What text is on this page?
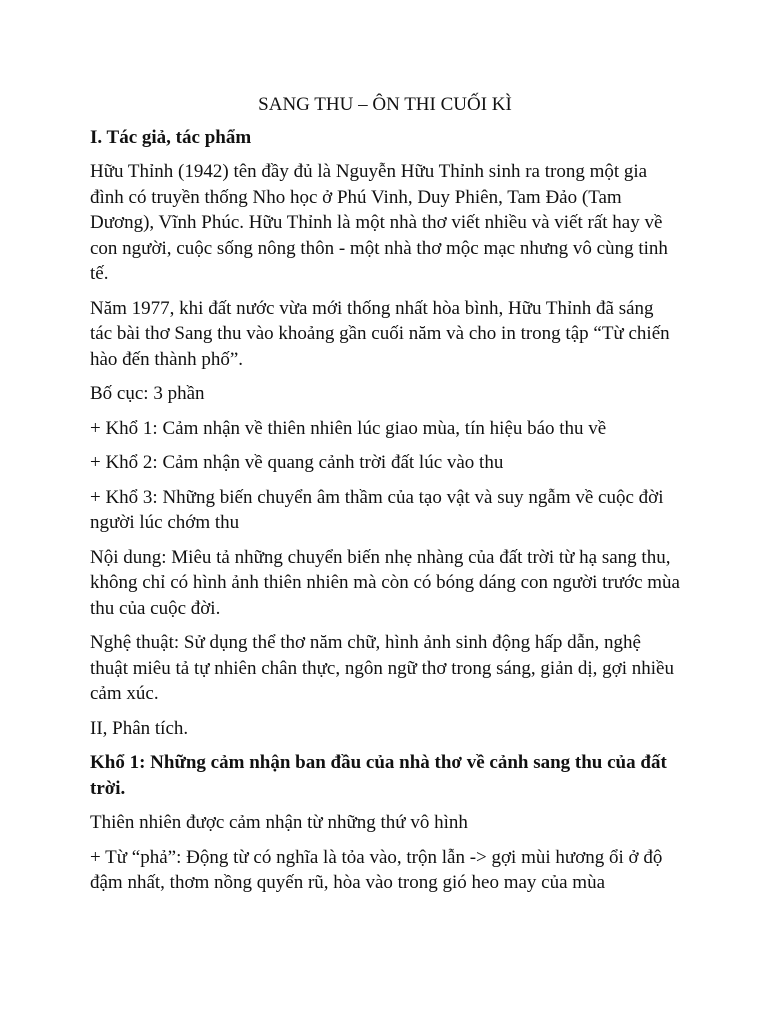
SANG THU – ÔN THI CUỐI KÌ
I. Tác giả, tác phẩm
Hữu Thỉnh (1942) tên đầy đủ là Nguyễn Hữu Thỉnh sinh ra trong một gia đình có truyền thống Nho học ở Phú Vinh, Duy Phiên, Tam Đảo (Tam Dương), Vĩnh Phúc. Hữu Thỉnh là một nhà thơ viết nhiều và viết rất hay về con người, cuộc sống nông thôn - một nhà thơ mộc mạc nhưng vô cùng tinh tế.
Năm 1977, khi đất nước vừa mới thống nhất hòa bình, Hữu Thỉnh đã sáng tác bài thơ Sang thu vào khoảng gần cuối năm và cho in trong tập “Từ chiến hào đến thành phố”.
Bố cục: 3 phần
+ Khổ 1: Cảm nhận về thiên nhiên lúc giao mùa, tín hiệu báo thu về
+ Khổ 2: Cảm nhận về quang cảnh trời đất lúc vào thu
+ Khổ 3: Những biến chuyển âm thầm của tạo vật và suy ngẫm về cuộc đời người lúc chớm thu
Nội dung: Miêu tả những chuyển biến nhẹ nhàng của đất trời từ hạ sang thu, không chỉ có hình ảnh thiên nhiên mà còn có bóng dáng con người trước mùa thu của cuộc đời.
Nghệ thuật: Sử dụng thể thơ năm chữ, hình ảnh sinh động hấp dẫn, nghệ thuật miêu tả tự nhiên chân thực, ngôn ngữ thơ trong sáng, giản dị, gợi nhiều cảm xúc.
II, Phân tích.
Khổ 1: Những cảm nhận ban đầu của nhà thơ về cảnh sang thu của đất trời.
Thiên nhiên được cảm nhận từ những thứ vô hình
+ Từ “phả”: Động từ có nghĩa là tỏa vào, trộn lẫn -> gợi mùi hương ổi ở độ đậm nhất, thơm nồng quyến rũ, hòa vào trong gió heo may của mùa
